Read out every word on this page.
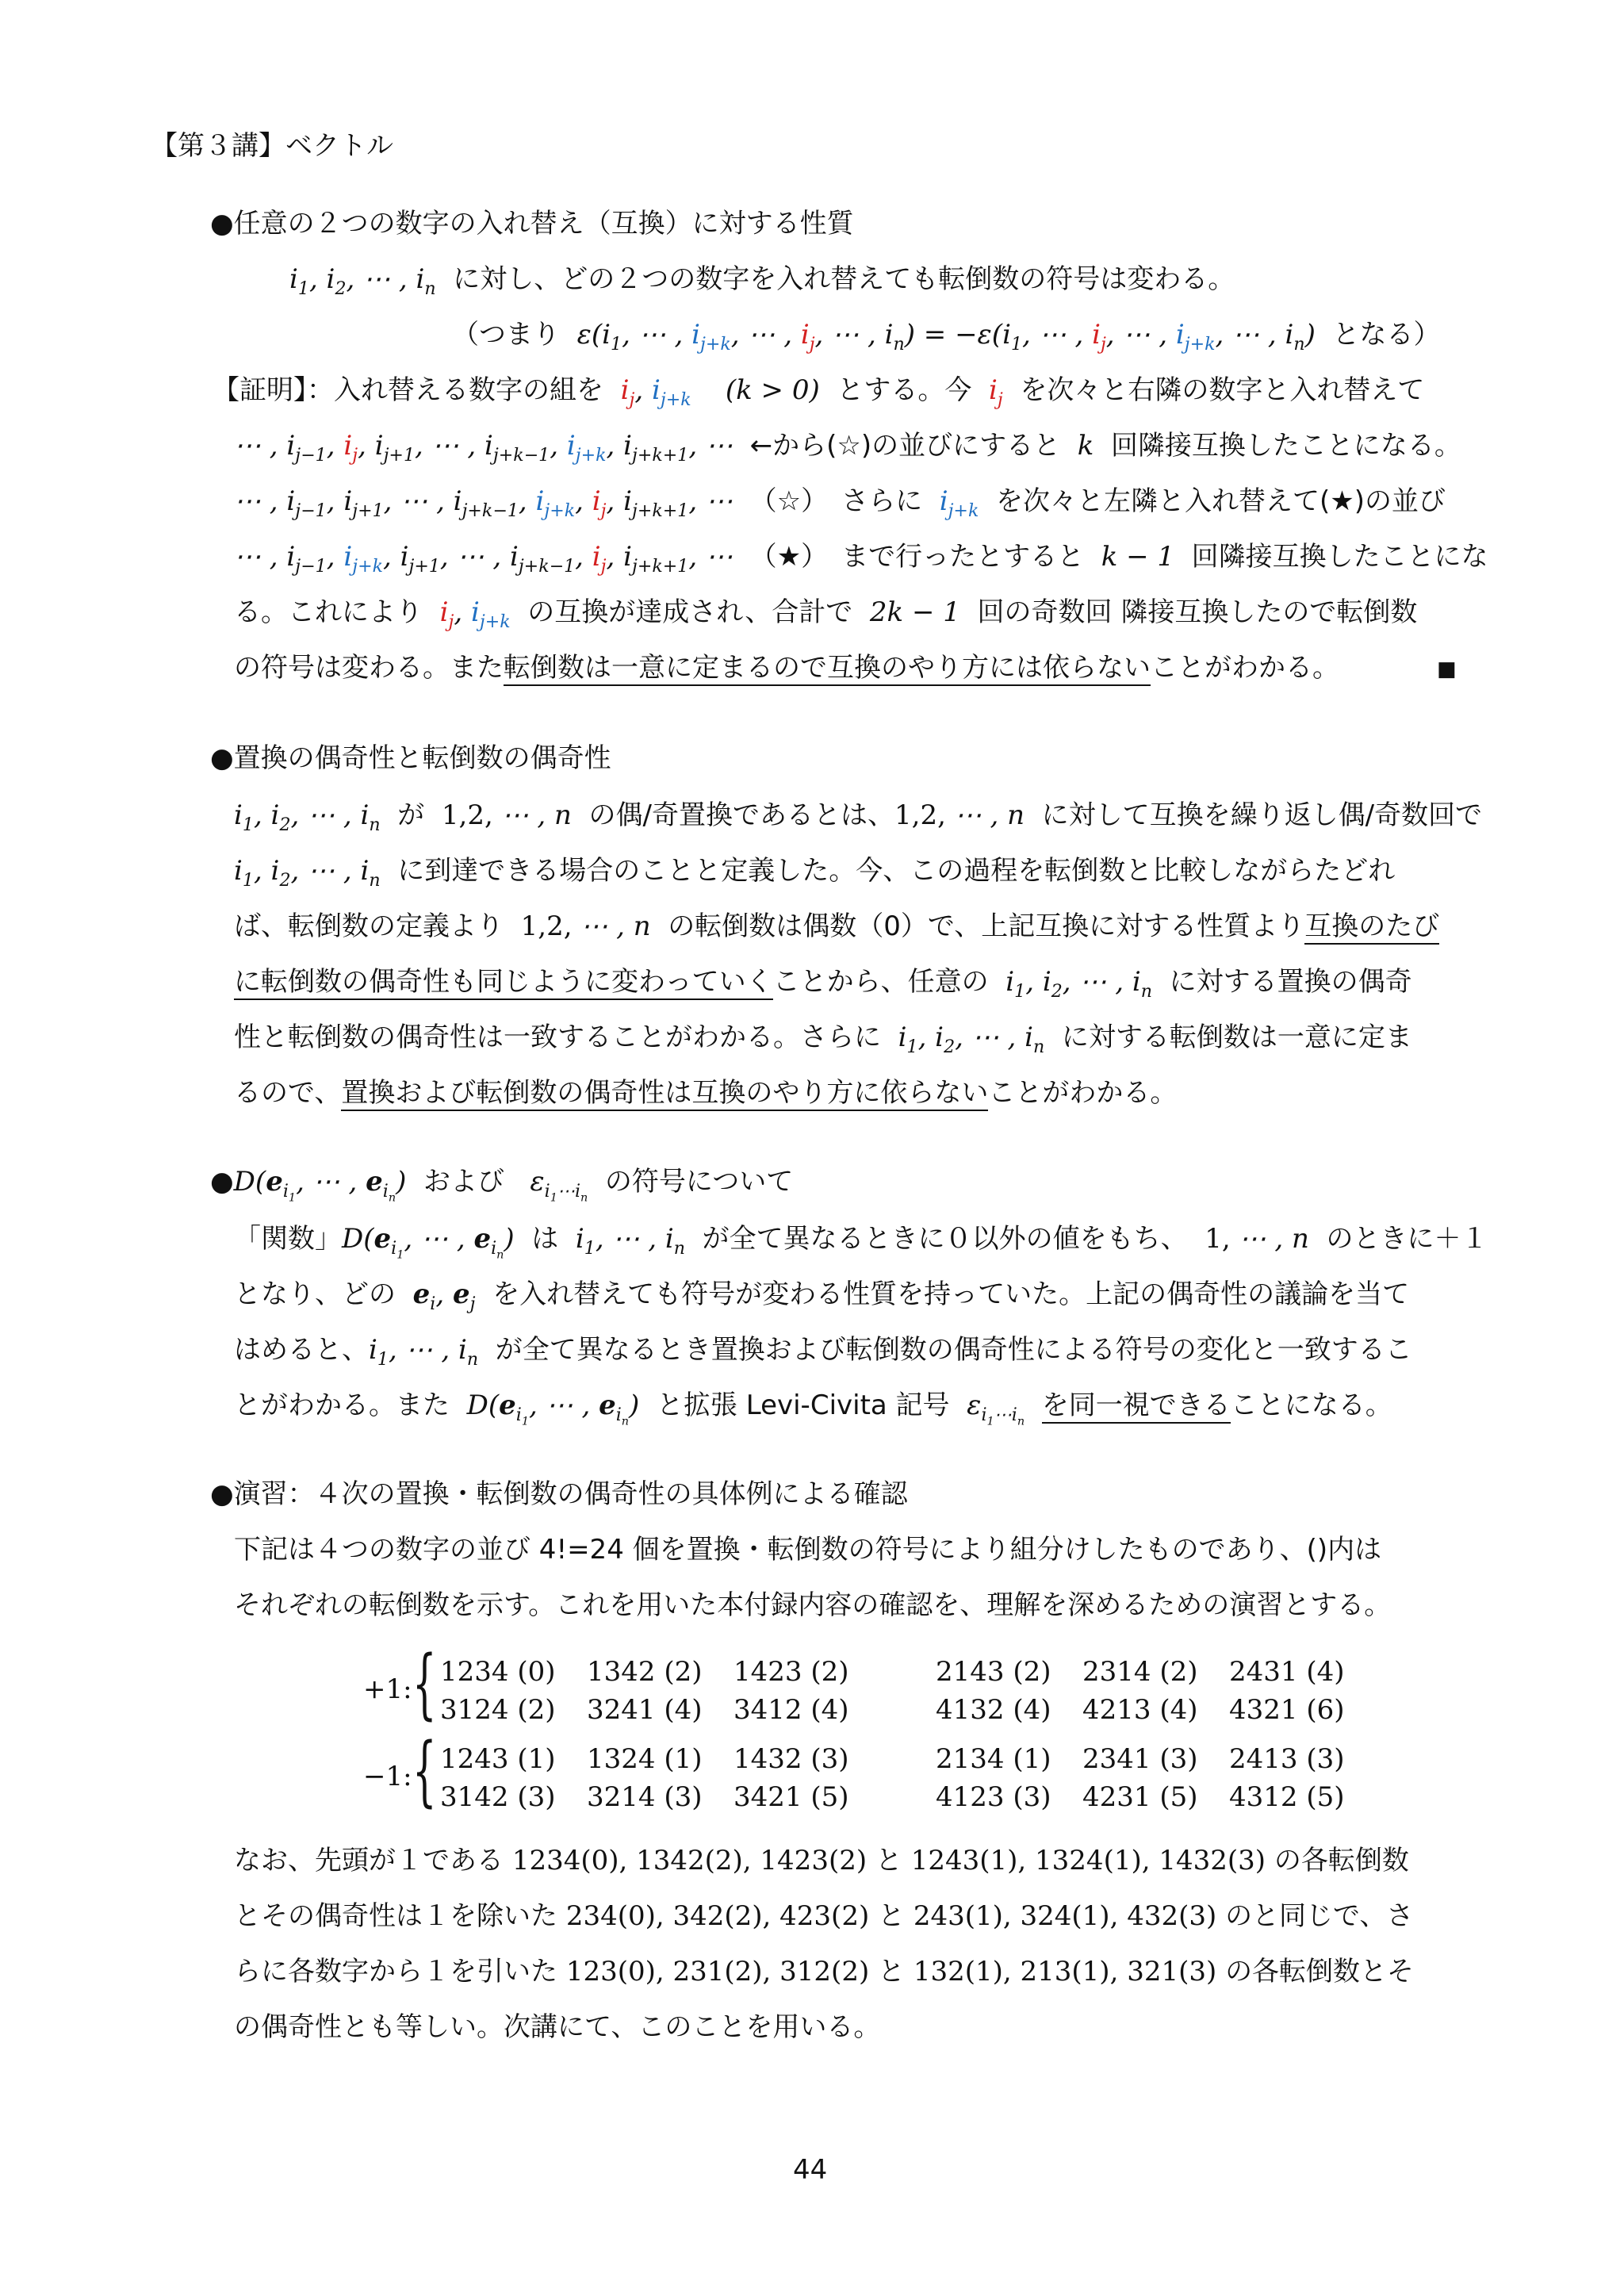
【第３講】ベクトル
●任意の２つの数字の入れ替え（互換）に対する性質
$i_1$, $i_2$, ⋯ , $i_n$ に対し、どの２つの数字を入れ替えても転倒数の符号は変わる。
（つまり  $\varepsilon(i_1$, ⋯ , $i_{j+k}$, ⋯ , $i_j$, ⋯ , $i_n) = -\varepsilon(i_1$, ⋯ , $i_j$, ⋯ , $i_{j+k}$, ⋯ , $i_n$) となる）
【証明】：入れ替える数字の組を $i_j$, $i_{j+k}$    (k > 0) とする。今  $i_j$ を次々と右隣の数字と入れ替えて
⋯ , $i_{j-1}$, $i_j$, $i_{j+1}$, ⋯ , $i_{j+k-1}$, $i_{j+k}$, $i_{j+k+1}$, ⋯ ←から(☆)の並びにすると  k  回隣接互換したことになる。
⋯ , $i_{j-1}$, $i_{j+1}$, ⋯ , $i_{j+k-1}$, $i_{j+k}$, $i_j$, $i_{j+k+1}$, ⋯ （☆）　さらに  $i_{j+k}$ を次々と左隣と入れ替えて(★)の並び
⋯ , $i_{j-1}$, $i_{j+k}$, $i_{j+1}$, ⋯ , $i_{j+k-1}$, $i_j$, $i_{j+k+1}$, ⋯ （★）　まで行ったとすると  k − 1  回隣接互換したことにな
る。これにより $i_j$, $i_{j+k}$ の互換が達成され、合計で  2k − 1  回の奇数回 隣接互換したので転倒数
の符号は変わる。また転倒数は一意に定まるので互換のやり方には依らないことがわかる。	■
●置換の偶奇性と転倒数の偶奇性
$i_1$, $i_2$, ⋯ , $i_n$ が 1,2, ⋯ , n  の偶/奇置換であるとは、1,2, ⋯ , n  に対して互換を繰り返し偶/奇数回で
$i_1$, $i_2$, ⋯ , $i_n$ に到達できる場合のことと定義した。今、この過程を転倒数と比較しながらたどれ
ば、転倒数の定義より 1,2, ⋯ , n  の転倒数は偶数（0）で、上記互換に対する性質より互換のたび
に転倒数の偶奇性も同じように変わっていくことから、任意の  $i_1$, $i_2$, ⋯ , $i_n$ に対する置換の偶奇
性と転倒数の偶奇性は一致することがわかる。さらに  $i_1$, $i_2$, ⋯ , $i_n$ に対する転倒数は一意に定ま
るので、置換および転倒数の偶奇性は互換のやり方に依らないことがわかる。
$●D(e_{i_1}$, ⋯ , $e_{i_n}$) および   $\varepsilon_{i_1\cdots i_n}$  の符号について
「関数」$D(e_{i_1}$, ⋯ , $e_{i_n}$) は  $i_1$, ⋯ , $i_n$ が全て異なるときに０以外の値をもち、 1, ⋯ , n  のときに＋１
となり、どの $e_i$, $e_j$ を入れ替えても符号が変わる性質を持っていた。上記の偶奇性の議論を当て
はめると、$i_1$, ⋯ , $i_n$ が全て異なるとき置換および転倒数の偶奇性による符号の変化と一致するこ
とがわかる。また  $D(e_{i_1}$, ⋯ , $e_{i_n}$)  と拡張 Levi-Civita 記号  $\varepsilon_{i_1\cdots i_n}$  を同一視できることになる。
●演習：４次の置換・転倒数の偶奇性の具体例による確認
下記は４つの数字の並び 4!=24 個を置換・転倒数の符号により組分けしたものであり、()内は
それぞれの転倒数を示す。これを用いた本付録内容の確認を、理解を深めるための演習とする。
+1: { 1234 (0) 1342 (2) 1423 (2)	2143 (2) 2314 (2) 2431 (4)
3124 (2) 3241 (4) 3412 (4)	4132 (4) 4213 (4) 4321 (6)
−1: { 1243 (1) 1324 (1) 1432 (3)	2134 (1) 2341 (3) 2413 (3)
3142 (3) 3214 (3) 3421 (5)	4123 (3) 4231 (5) 4312 (5)
なお、先頭が１である 1234(0), 1342(2), 1423(2) と 1243(1), 1324(1), 1432(3) の各転倒数
とその偶奇性は１を除いた 234(0), 342(2), 423(2) と 243(1), 324(1), 432(3) のと同じで、さ
らに各数字から１を引いた 123(0), 231(2), 312(2) と 132(1), 213(1), 321(3) の各転倒数とそ
の偶奇性とも等しい。次講にて、このことを用いる。
44
